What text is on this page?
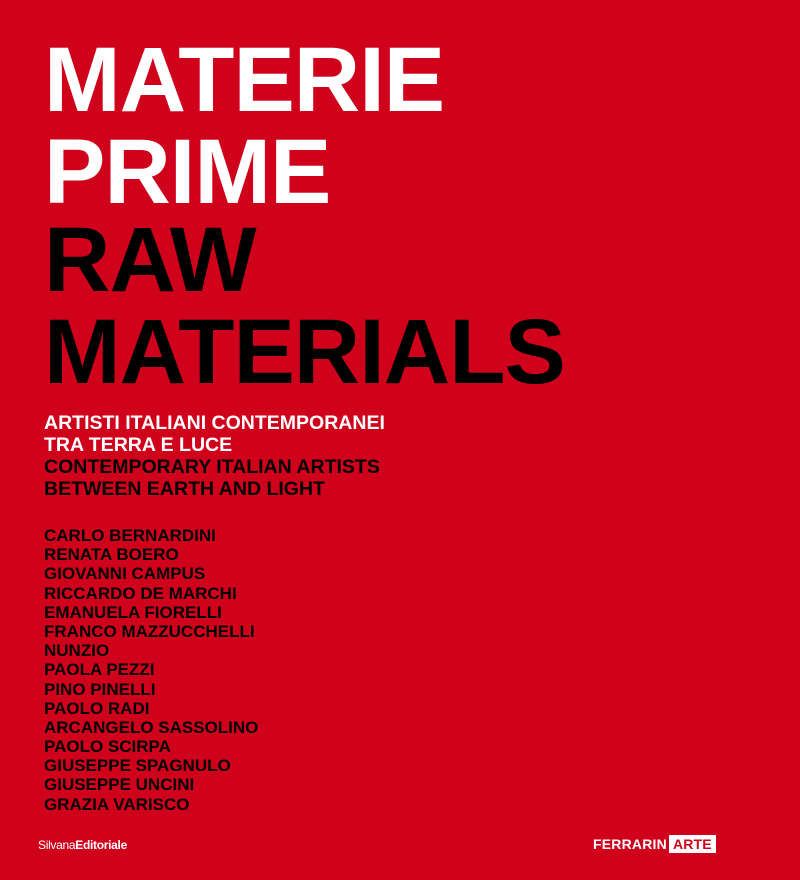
MATERIE
PRIME
RAW
MATERIALS
ARTISTI ITALIANI CONTEMPORANEI
TRA TERRA E LUCE
CONTEMPORARY ITALIAN ARTISTS
BETWEEN EARTH AND LIGHT
CARLO BERNARDINI
RENATA BOERO
GIOVANNI CAMPUS
RICCARDO DE MARCHI
EMANUELA FIORELLI
FRANCO MAZZUCCHELLI
NUNZIO
PAOLA PEZZI
PINO PINELLI
PAOLO RADI
ARCANGELO SASSOLINO
PAOLO SCIRPA
GIUSEPPE SPAGNULO
GIUSEPPE UNCINI
GRAZIA VARISCO
SilvanaEditoriale	FERRARIN ARTE
